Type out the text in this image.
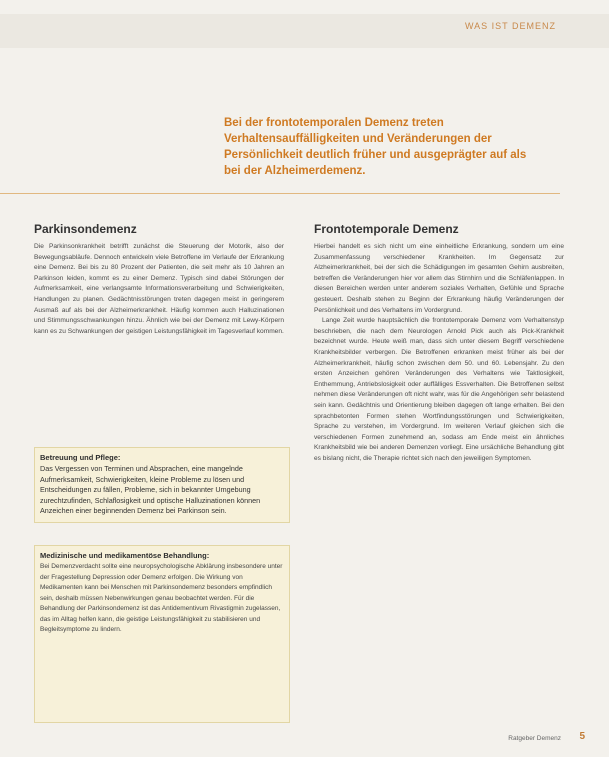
WAS IST DEMENZ
Bei der frontotemporalen Demenz treten Verhaltensauffälligkeiten und Veränderungen der Persönlichkeit deutlich früher und ausgeprägter auf als bei der Alzheimerdemenz.
Parkinsondemenz

Die Parkinsonkrankheit betrifft zunächst die Steuerung der Motorik, also der Bewegungsabläufe. Dennoch entwickeln viele Betroffene im Verlaufe der Erkrankung eine Demenz. Bei bis zu 80 Prozent der Patienten, die seit mehr als 10 Jahren an Parkinson leiden, kommt es zu einer Demenz. Typisch sind dabei Störungen der Aufmerksamkeit, eine verlangsamte Informationsverarbeitung und Schwierigkeiten, Handlungen zu planen. Gedächtnisstörungen treten dagegen meist in geringerem Ausmaß auf als bei der Alzheimerkrankheit. Häufig kommen auch Halluzinationen und Stimmungsschwankungen hinzu. Ähnlich wie bei der Demenz mit Lewy-Körpern kann es zu Schwankungen der geistigen Leistungsfähigkeit im Tagesverlauf kommen.

Betreuung und Pflege:
Das Vergessen von Terminen und Absprachen, eine mangelnde Aufmerksamkeit, Schwierigkeiten, kleine Probleme zu lösen und Entscheidungen zu fällen, Probleme, sich in bekannter Umgebung zurechtzufinden, Schlaflosigkeit und optische Halluzinationen können Anzeichen einer beginnenden Demenz bei Parkinson sein.
Medizinische und medikamentöse Behandlung:
Bei Demenzverdacht sollte eine neuropsychologische Abklärung insbesondere unter der Fragestellung Depression oder Demenz erfolgen. Die Wirkung von Medikamenten kann bei Menschen mit Parkinsondemenz besonders empfindlich sein, deshalb müssen Nebenwirkungen genau beobachtet werden. Für die Behandlung der Parkinsondemenz ist das Antidementivum Rivastigmin zugelassen, das im Alltag helfen kann, die geistige Leistungsfähigkeit zu stabilisieren und Begleitsymptome zu lindern.
Frontotemporale Demenz

Hierbei handelt es sich nicht um eine einheitliche Erkrankung, sondern um eine Zusammenfassung verschiedener Krankheiten. Im Gegensatz zur Alzheimerkrankheit, bei der sich die Schädigungen im gesamten Gehirn ausbreiten, betreffen die Veränderungen hier vor allem das Stirnhirn und die Schläfenlappen. In diesen Bereichen werden unter anderem soziales Verhalten, Gefühle und Sprache gesteuert. Deshalb stehen zu Beginn der Erkrankung häufig Veränderungen der Persönlichkeit und des Verhaltens im Vordergrund.

Lange Zeit wurde hauptsächlich die frontotemporale Demenz vom Verhaltenstyp beschrieben, die nach dem Neurologen Arnold Pick auch als Pick-Krankheit bezeichnet wurde. Heute weiß man, dass sich unter diesem Begriff verschiedene Krankheitsbilder verbergen. Die Betroffenen erkranken meist früher als bei der Alzheimerkrankheit, häufig schon zwischen dem 50. und 60. Lebensjahr. Zu den ersten Anzeichen gehören Veränderungen des Verhaltens wie Taktlosigkeit, Enthemmung, Antriebslosigkeit oder auffälliges Essverhalten. Die Betroffenen selbst nehmen diese Veränderungen oft nicht wahr, was für die Angehörigen sehr belastend sein kann. Gedächtnis und Orientierung bleiben dagegen oft lange erhalten. Bei den sprachbetonten Formen stehen Wortfindungsstörungen und Schwierigkeiten, Sprache zu verstehen, im Vordergrund. Im weiteren Verlauf gleichen sich die verschiedenen Formen zunehmend an, sodass am Ende meist ein ähnliches Krankheitsbild wie bei anderen Demenzen vorliegt. Eine ursächliche Behandlung gibt es bislang nicht, die Therapie richtet sich nach den jeweiligen Symptomen.

Ratgeber Demenz 5
